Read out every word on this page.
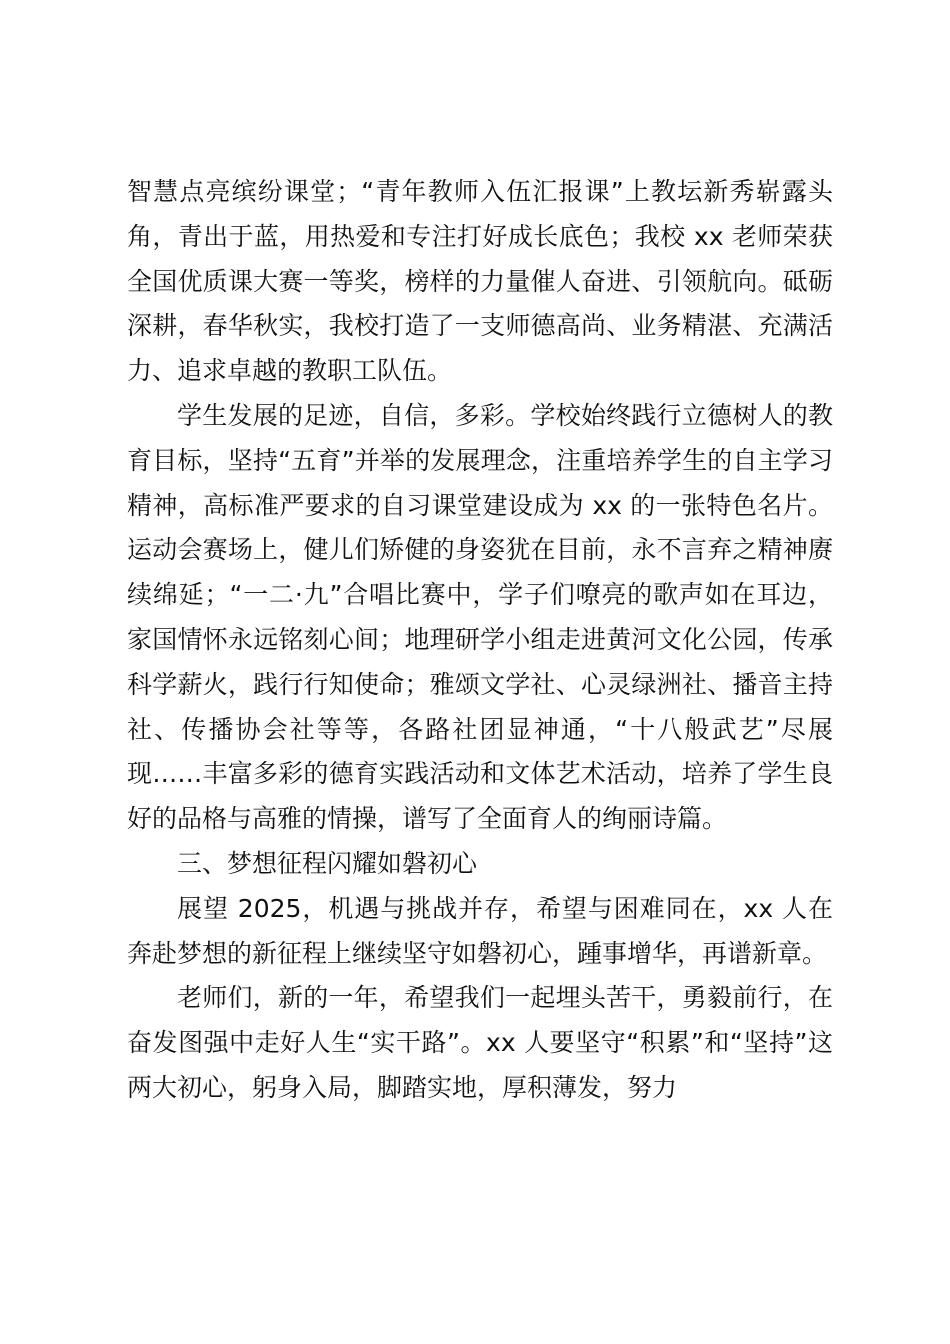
智慧点亮缤纷课堂；“青年教师入伍汇报课”上教坛新秀崭露头角，青出于蓝，用热爱和专注打好成长底色；我校 xx 老师荣获全国优质课大赛一等奖，榜样的力量催人奋进、引领航向。砥砺深耕，春华秋实，我校打造了一支师德高尚、业务精湛、充满活力、追求卓越的教职工队伍。

学生发展的足迹，自信，多彩。学校始终践行立德树人的教育目标，坚持“五育”并举的发展理念，注重培养学生的自主学习精神，高标准严要求的自习课堂建设成为 xx 的一张特色名片。运动会赛场上，健儿们矫健的身姿犹在目前，永不言弃之精神赓续绵延；“一二·九”合唱比赛中，学子们嘹亮的歌声如在耳边，家国情怀永远铭刻心间；地理研学小组走进黄河文化公园，传承科学薪火，践行行知使命；雅颂文学社、心灵绿洲社、播音主持社、传播协会社等等，各路社团显神通，“十八般武艺”尽展现……丰富多彩的德育实践活动和文体艺术活动，培养了学生良好的品格与高雅的情操，谱写了全面育人的绚丽诗篇。

三、梦想征程闪耀如磐初心

展望 2025，机遇与挑战并存，希望与困难同在，xx 人在奔赴梦想的新征程上继续坚守如磐初心，踵事增华，再谱新章。

老师们，新的一年，希望我们一起埋头苦干，勇毅前行，在奋发图强中走好人生“实干路”。xx 人要坚守“积累”和“坚持”这两大初心，躬身入局，脚踏实地，厚积薄发，努力
